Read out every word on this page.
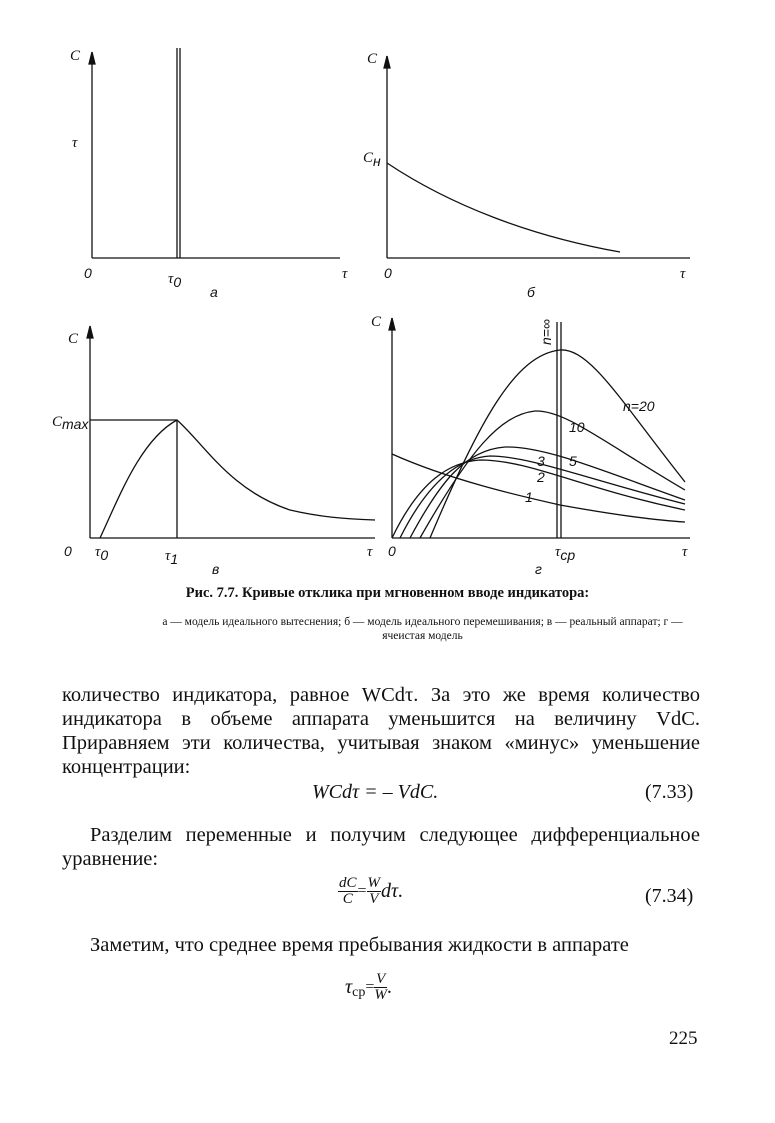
C
τ
0	τ0	τ
а
C
Cн
0	τ
б
C
Cmax
0 τ0	τ1	τ
в
C
0	τср	τ
г
n=∞
n=20
10
5
3
2
1
Рис. 7.7. Кривые отклика при мгновенном вводе индикатора:
а — модель идеального вытеснения; б — модель идеального перемешивания; в — реальный аппарат; г — ячеистая модель
количество индикатора, равное WCdτ. За это же время количество индикатора в объеме аппарата уменьшится на величину VdC. Приравняем эти количества, учитывая знаком «минус» уменьшение концентрации:
WCdτ = – VdC.	(7.33)
Разделим переменные и получим следующее дифференциальное уравнение:
$\frac{dC}{C} = \frac{W}{V} d\tau$.	(7.34)
Заметим, что среднее время пребывания жидкости в аппарате
$\tau_{ср}= \frac{V}{W}$ .
225
